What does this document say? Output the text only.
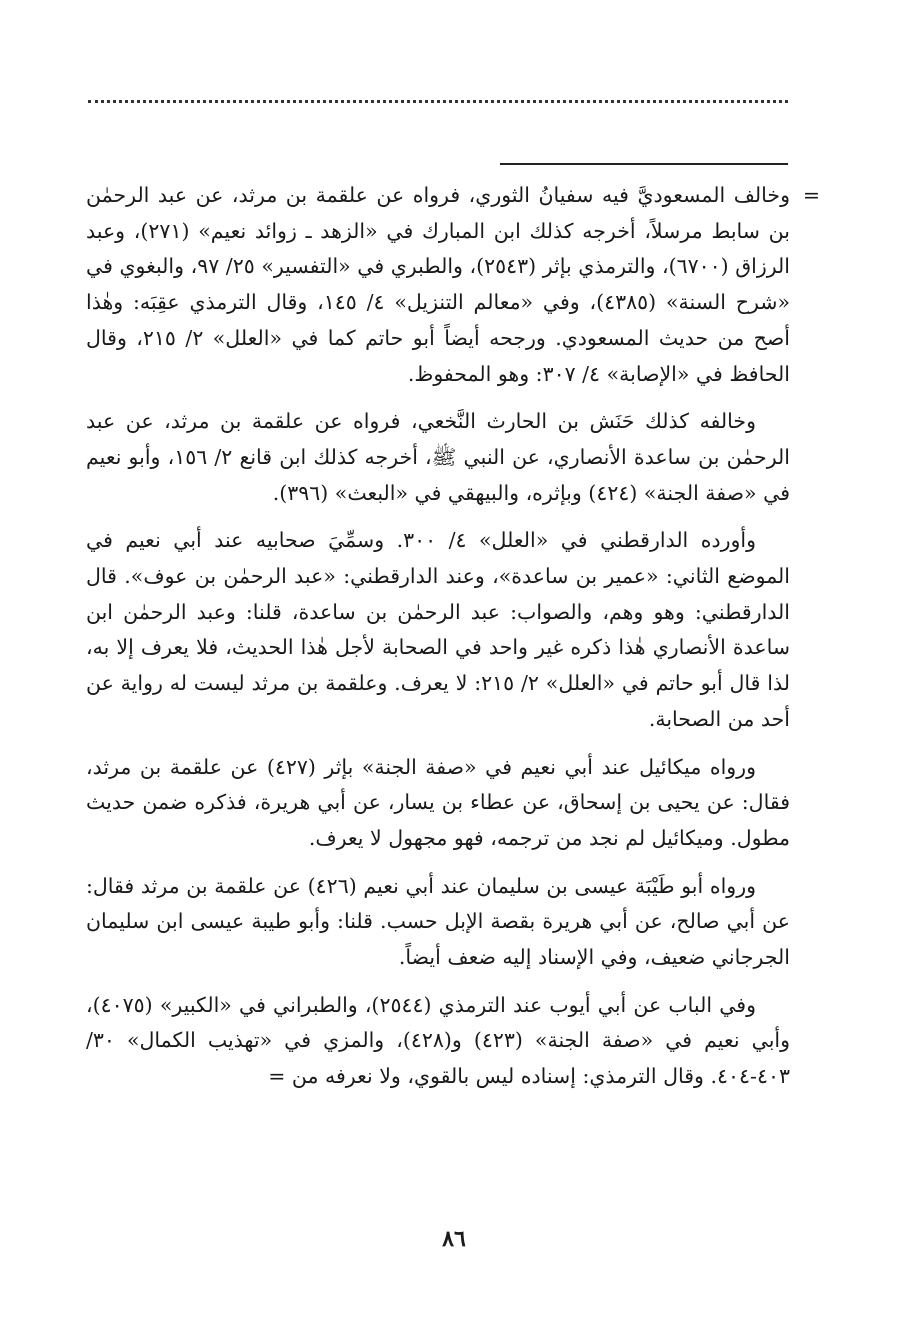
=
وخالف المسعوديَّ فيه سفيانُ الثوري، فرواه عن علقمة بن مرثد، عن عبد الرحمٰن بن سابط مرسلاً، أخرجه كذلك ابن المبارك في «الزهد ـ زوائد نعيم» (٢٧١)، وعبد الرزاق (٦٧٠٠)، والترمذي بإثر (٢٥٤٣)، والطبري في «التفسير» ٢٥/ ٩٧، والبغوي في «شرح السنة» (٤٣٨٥)، وفي «معالم التنزيل» ٤/ ١٤٥، وقال الترمذي عقِبَه: وهٰذا أصح من حديث المسعودي. ورجحه أيضاً أبو حاتم كما في «العلل» ٢/ ٢١٥، وقال الحافظ في «الإصابة» ٤/ ٣٠٧: وهو المحفوظ.

وخالفه كذلك حَنَش بن الحارث النَّخعي، فرواه عن علقمة بن مرثد، عن عبد الرحمٰن بن ساعدة الأنصاري، عن النبي ﷺ، أخرجه كذلك ابن قانع ٢/ ١٥٦، وأبو نعيم في «صفة الجنة» (٤٢٤) وبإثره، والبيهقي في «البعث» (٣٩٦).

وأورده الدارقطني في «العلل» ٤/ ٣٠٠. وسمِّيَ صحابيه عند أبي نعيم في الموضع الثاني: «عمير بن ساعدة»، وعند الدارقطني: «عبد الرحمٰن بن عوف». قال الدارقطني: وهو وهم، والصواب: عبد الرحمٰن بن ساعدة، قلنا: وعبد الرحمٰن ابن ساعدة الأنصاري هٰذا ذكره غير واحد في الصحابة لأجل هٰذا الحديث، فلا يعرف إلا به، لذا قال أبو حاتم في «العلل» ٢/ ٢١٥: لا يعرف. وعلقمة بن مرثد ليست له رواية عن أحد من الصحابة.

ورواه ميكائيل عند أبي نعيم في «صفة الجنة» بإثر (٤٢٧) عن علقمة بن مرثد، فقال: عن يحيى بن إسحاق، عن عطاء بن يسار، عن أبي هريرة، فذكره ضمن حديث مطول. وميكائيل لم نجد من ترجمه، فهو مجهول لا يعرف.

ورواه أبو طَيْبَة عيسى بن سليمان عند أبي نعيم (٤٢٦) عن علقمة بن مرثد فقال: عن أبي صالح، عن أبي هريرة بقصة الإبل حسب. قلنا: وأبو طيبة عيسى ابن سليمان الجرجاني ضعيف، وفي الإسناد إليه ضعف أيضاً.

وفي الباب عن أبي أيوب عند الترمذي (٢٥٤٤)، والطبراني في «الكبير» (٤٠٧٥)، وأبي نعيم في «صفة الجنة» (٤٢٣) و(٤٢٨)، والمزي في «تهذيب الكمال» ٣٠/ ٤٠٣-٤٠٤. وقال الترمذي: إسناده ليس بالقوي، ولا نعرفه من =

٨٦
